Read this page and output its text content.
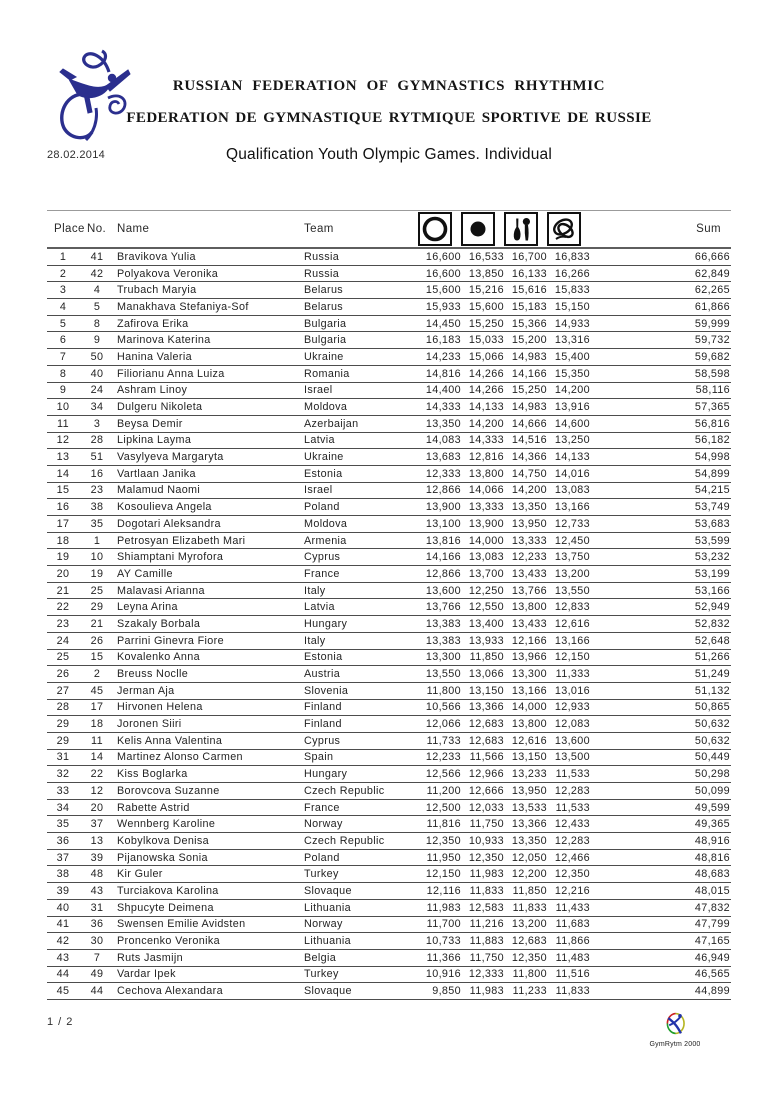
RUSSIAN FEDERATION OF GYMNASTICS RHYTHMIC
FEDERATION DE GYMNASTIQUE RYTMIQUE SPORTIVE DE RUSSIE
28.02.2014	Qualification Youth Olympic Games. Individual
Place No. Name	Team	Sum
1	41	Bravikova Yulia	Russia	16,600 16,533 16,700 16,833	66,666
2	42	Polyakova Veronika	Russia	16,600 13,850 16,133 16,266	62,849
3	4	Trubach Maryia	Belarus	15,600 15,216 15,616 15,833	62,265
4	5	Manakhava Stefaniya-Sof	Belarus	15,933 15,600 15,183 15,150	61,866
5	8	Zafirova Erika	Bulgaria	14,450 15,250 15,366 14,933	59,999
6	9	Marinova Katerina	Bulgaria	16,183 15,033 15,200 13,316	59,732
7	50	Hanina Valeria	Ukraine	14,233 15,066 14,983 15,400	59,682
8	40	Filiorianu Anna Luiza	Romania	14,816 14,266 14,166 15,350	58,598
9	24	Ashram Linoy	Israel	14,400 14,266 15,250 14,200	58,116
10	34	Dulgeru Nikoleta	Moldova	14,333 14,133 14,983 13,916	57,365
11	3	Beysa Demir	Azerbaijan	13,350 14,200 14,666 14,600	56,816
12	28	Lipkina Layma	Latvia	14,083 14,333 14,516 13,250	56,182
13	51	Vasylyeva Margaryta	Ukraine	13,683 12,816 14,366 14,133	54,998
14	16	Vartlaan Janika	Estonia	12,333 13,800 14,750 14,016	54,899
15	23	Malamud Naomi	Israel	12,866 14,066 14,200 13,083	54,215
16	38	Kosoulieva Angela	Poland	13,900 13,333 13,350 13,166	53,749
17	35	Dogotari Aleksandra	Moldova	13,100 13,900 13,950 12,733	53,683
18	1	Petrosyan Elizabeth Mari	Armenia	13,816 14,000 13,333 12,450	53,599
19	10	Shiamptani Myrofora	Cyprus	14,166 13,083 12,233 13,750	53,232
20	19	AY Camille	France	12,866 13,700 13,433 13,200	53,199
21	25	Malavasi Arianna	Italy	13,600 12,250 13,766 13,550	53,166
22	29	Leyna Arina	Latvia	13,766 12,550 13,800 12,833	52,949
23	21	Szakaly Borbala	Hungary	13,383 13,400 13,433 12,616	52,832
24	26	Parrini Ginevra Fiore	Italy	13,383 13,933 12,166 13,166	52,648
25	15	Kovalenko Anna	Estonia	13,300 11,850 13,966 12,150	51,266
26	2	Breuss Noclle	Austria	13,550 13,066 13,300 11,333	51,249
27	45	Jerman Aja	Slovenia	11,800 13,150 13,166 13,016	51,132
28	17	Hirvonen Helena	Finland	10,566 13,366 14,000 12,933	50,865
29	18	Joronen Siiri	Finland	12,066 12,683 13,800 12,083	50,632
29	11	Kelis Anna Valentina	Cyprus	11,733 12,683 12,616 13,600	50,632
31	14	Martinez Alonso Carmen	Spain	12,233 11,566 13,150 13,500	50,449
32	22	Kiss Boglarka	Hungary	12,566 12,966 13,233 11,533	50,298
33	12	Borovcova Suzanne	Czech Republic	11,200 12,666 13,950 12,283	50,099
34	20	Rabette Astrid	France	12,500 12,033 13,533 11,533	49,599
35	37	Wennberg Karoline	Norway	11,816 11,750 13,366 12,433	49,365
36	13	Kobylkova Denisa	Czech Republic	12,350 10,933 13,350 12,283	48,916
37	39	Pijanowska Sonia	Poland	11,950 12,350 12,050 12,466	48,816
38	48	Kir Guler	Turkey	12,150 11,983 12,200 12,350	48,683
39	43	Turciakova Karolina	Slovaque	12,116 11,833 11,850 12,216	48,015
40	31	Shpucyte Deimena	Lithuania	11,983 12,583 11,833 11,433	47,832
41	36	Swensen Emilie Avidsten	Norway	11,700 11,216 13,200 11,683	47,799
42	30	Proncenko Veronika	Lithuania	10,733 11,883 12,683 11,866	47,165
43	7	Ruts Jasmijn	Belgia	11,366 11,750 12,350 11,483	46,949
44	49	Vardar Ipek	Turkey	10,916 12,333 11,800 11,516	46,565
45	44	Cechova Alexandara	Slovaque	9,850 11,983 11,233 11,833	44,899
1 / 2
GymRytm 2000
